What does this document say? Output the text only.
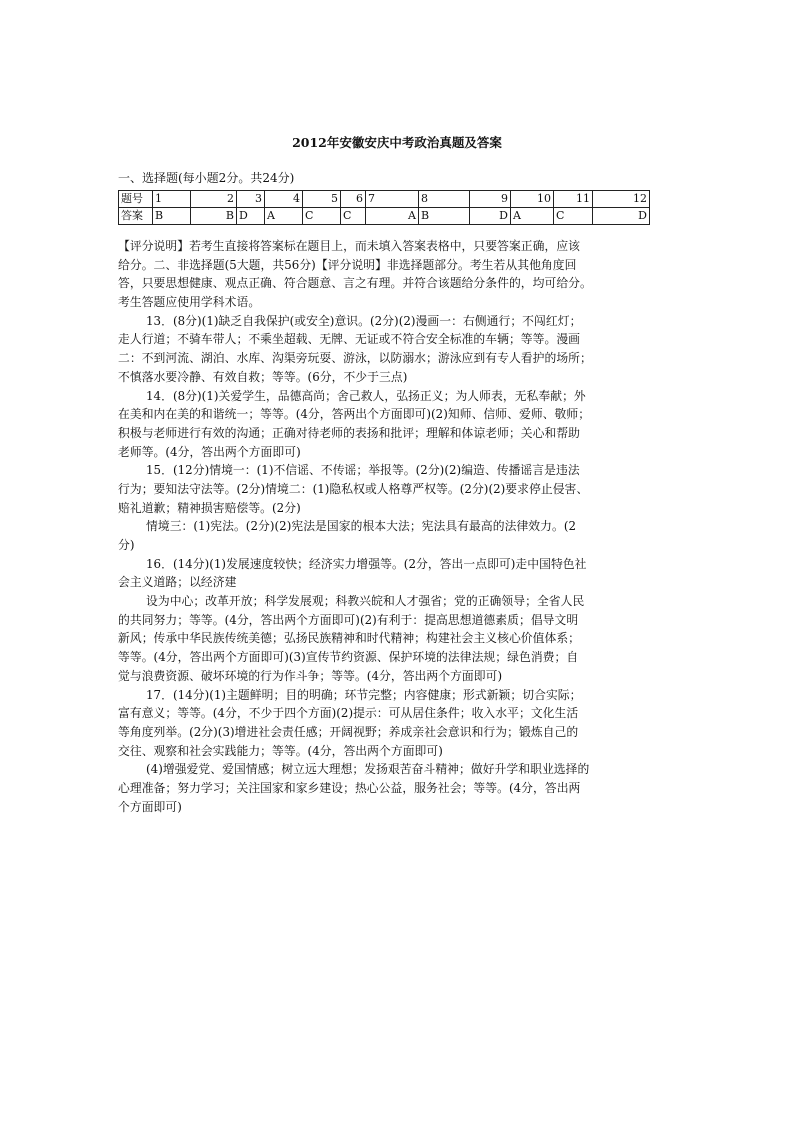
2012年安徽安庆中考政治真题及答案
一、选择题(每小题2分。共24分)
题号	1	2	3	4	5	6	7	8	9	10	11	12
答案	B	B	D	A	C	C	A	B	D	A	C	D
【评分说明】若考生直接将答案标在题目上，而未填入答案表格中，只要答案正确，应该
给分。二、非选择题(5大题，共56分)【评分说明】非选择题部分。考生若从其他角度回
答，只要思想健康、观点正确、符合题意、言之有理。并符合该题给分条件的，均可给分。
考生答题应使用学科术语。
13．(8分)(1)缺乏自我保护(或安全)意识。(2分)(2)漫画一：右侧通行；不闯红灯；
走人行道；不骑车带人；不乘坐超载、无牌、无证或不符合安全标准的车辆；等等。漫画
二：不到河流、湖泊、水库、沟渠旁玩耍、游泳，以防溺水；游泳应到有专人看护的场所；
不慎落水要冷静、有效自救；等等。(6分，不少于三点)
14．(8分)(1)关爱学生，品德高尚；舍己救人，弘扬正义；为人师表，无私奉献；外
在美和内在美的和谐统一；等等。(4分，答两出个方面即可)(2)知师、信师、爱师、敬师；
积极与老师进行有效的沟通；正确对待老师的表扬和批评；理解和体谅老师；关心和帮助
老师等。(4分，答出两个方面即可)
15．(12分)情境一：(1)不信谣、不传谣；举报等。(2分)(2)编造、传播谣言是违法
行为；要知法守法等。(2分)情境二：(1)隐私权或人格尊严权等。(2分)(2)要求停止侵害、
赔礼道歉；精神损害赔偿等。(2分)
情境三：(1)宪法。(2分)(2)宪法是国家的根本大法；宪法具有最高的法律效力。(2
分)
16．(14分)(1)发展速度较快；经济实力增强等。(2分，答出一点即可)走中国特色社
会主义道路；以经济建
设为中心；改革开放；科学发展观；科教兴皖和人才强省；党的正确领导；全省人民
的共同努力；等等。(4分，答出两个方面即可)(2)有利于：提高思想道德素质；倡导文明
新风；传承中华民族传统美德；弘扬民族精神和时代精神；构建社会主义核心价值体系；
等等。(4分，答出两个方面即可)(3)宣传节约资源、保护环境的法律法规；绿色消费；自
觉与浪费资源、破坏环境的行为作斗争；等等。(4分，答出两个方面即可)
17．(14分)(1)主题鲜明；目的明确；环节完整；内容健康；形式新颖；切合实际；
富有意义；等等。(4分，不少于四个方面)(2)提示：可从居住条件；收入水平；文化生活
等角度列举。(2分)(3)增进社会责任感；开阔视野；养成亲社会意识和行为；锻炼自己的
交往、观察和社会实践能力；等等。(4分，答出两个方面即可)
(4)增强爱党、爱国情感；树立远大理想；发扬艰苦奋斗精神；做好升学和职业选择的
心理准备；努力学习；关注国家和家乡建设；热心公益，服务社会；等等。(4分，答出两
个方面即可)
